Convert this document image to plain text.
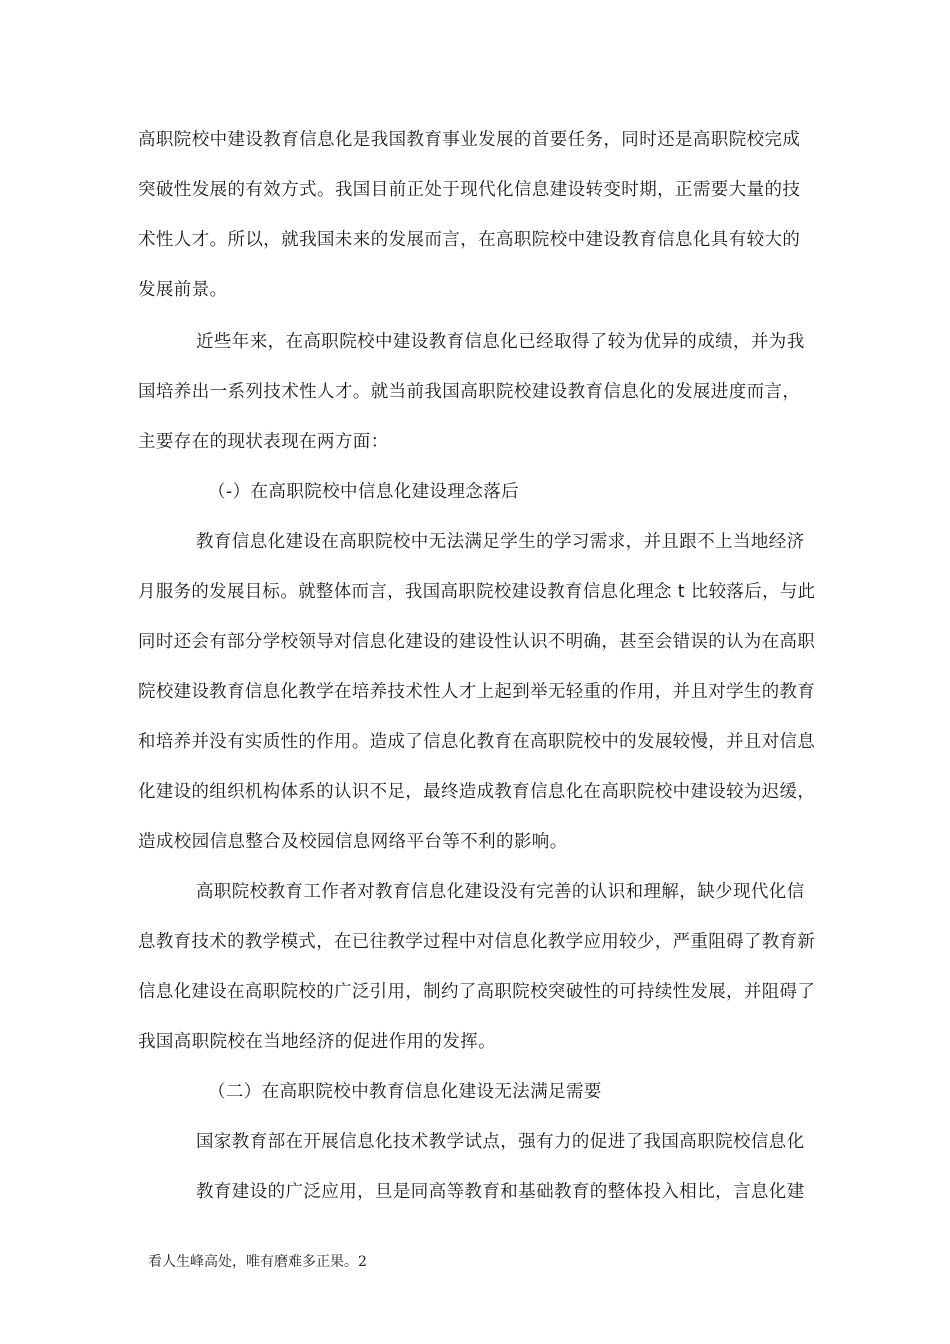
高职院校中建设教育信息化是我国教育事业发展的首要任务，同时还是高职院校完成
突破性发展的有效方式。我国目前正处于现代化信息建设转变时期，正需要大量的技
术性人才。所以，就我国未来的发展而言，在高职院校中建设教育信息化具有较大的
发展前景。
近些年来，在高职院校中建设教育信息化已经取得了较为优异的成绩，并为我
国培养出一系列技术性人才。就当前我国高职院校建设教育信息化的发展进度而言，
主要存在的现状表现在两方面：
（-）在高职院校中信息化建设理念落后
教育信息化建设在高职院校中无法满足学生的学习需求，并且跟不上当地经济
月服务的发展目标。就整体而言，我国高职院校建设教育信息化理念 t 比较落后，与此
同时还会有部分学校领导对信息化建设的建设性认识不明确，甚至会错误的认为在高职
院校建设教育信息化教学在培养技术性人才上起到举无轻重的作用，并且对学生的教育
和培养并没有实质性的作用。造成了信息化教育在高职院校中的发展较慢，并且对信息
化建设的组织机构体系的认识不足，最终造成教育信息化在高职院校中建设较为迟缓，
造成校园信息整合及校园信息网络平台等不利的影响。
高职院校教育工作者对教育信息化建设没有完善的认识和理解，缺少现代化信
息教育技术的教学模式，在已往教学过程中对信息化教学应用较少，严重阻碍了教育新
信息化建设在高职院校的广泛引用，制约了高职院校突破性的可持续性发展，并阻碍了
我国高职院校在当地经济的促进作用的发挥。
（二）在高职院校中教育信息化建设无法满足需要
国家教育部在开展信息化技术教学试点，强有力的促进了我国高职院校信息化
教育建设的广泛应用，旦是同高等教育和基础教育的整体投入相比，言息化建
看人生峰高处，唯有磨难多正果。2
